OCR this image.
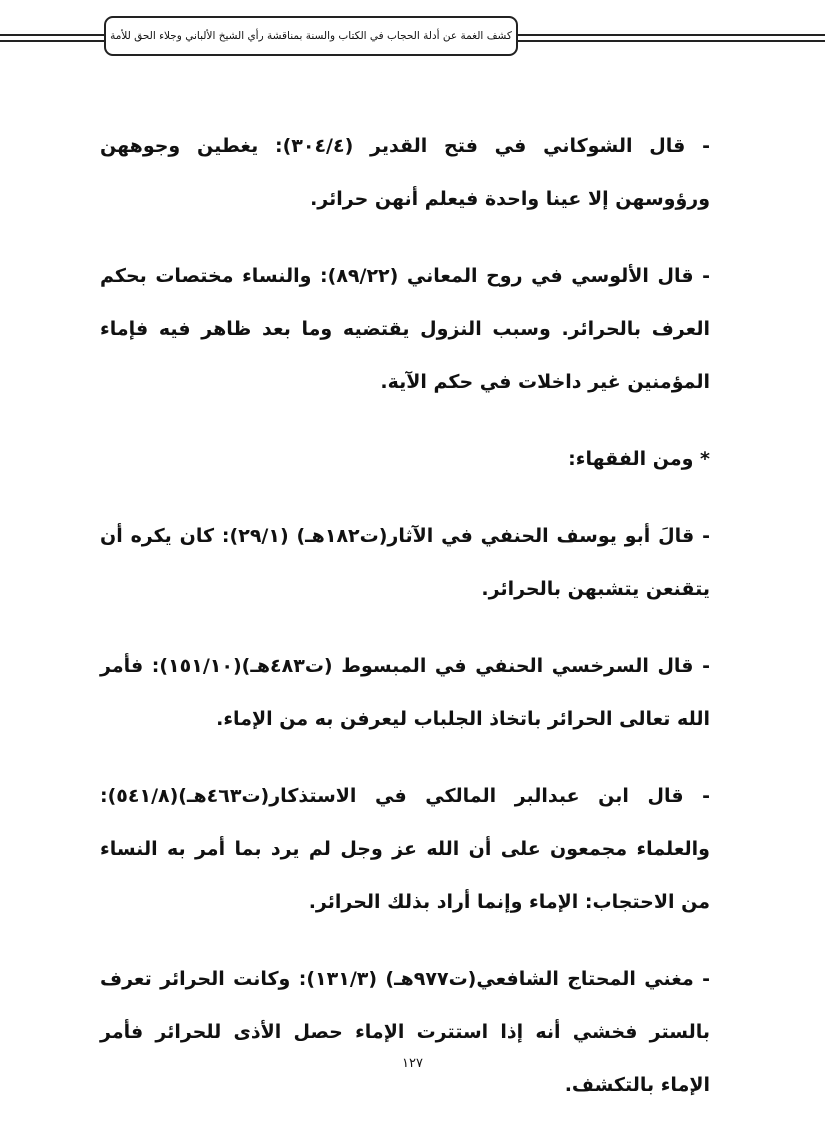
كشف الغمة عن أدلة الحجاب في الكتاب والسنة بمناقشة رأي الشيخ الألباني وجلاء الحق للأمة

- قال الشوكاني في فتح القدير (٣٠٤/٤): يغطين وجوههن ورؤوسهن إلا عينا واحدة فيعلم أنهن حرائر.

- قال الألوسي في روح المعاني (٨٩/٢٢): والنساء مختصات بحكم العرف بالحرائر. وسبب النزول يقتضيه وما بعد ظاهر فيه فإماء المؤمنين غير داخلات في حكم الآية.

* ومن الفقهاء:

- قالَ أبو يوسف الحنفي في الآثار(ت١٨٢هـ) (٢٩/١): كان يكره أن يتقنعن يتشبهن بالحرائر.

- قال السرخسي الحنفي في المبسوط (ت٤٨٣هـ)(١٥١/١٠): فأمر الله تعالى الحرائر باتخاذ الجلباب ليعرفن به من الإماء.

- قال ابن عبدالبر المالكي في الاستذكار(ت٤٦٣هـ)(٥٤١/٨): والعلماء مجمعون على أن الله عز وجل لم يرد بما أمر به النساء من الاحتجاب: الإماء وإنما أراد بذلك الحرائر.

- مغني المحتاج الشافعي(ت٩٧٧هـ) (١٣١/٣): وكانت الحرائر تعرف بالستر فخشي أنه إذا استترت الإماء حصل الأذى للحرائر فأمر الإماء بالتكشف.

١٢٧
